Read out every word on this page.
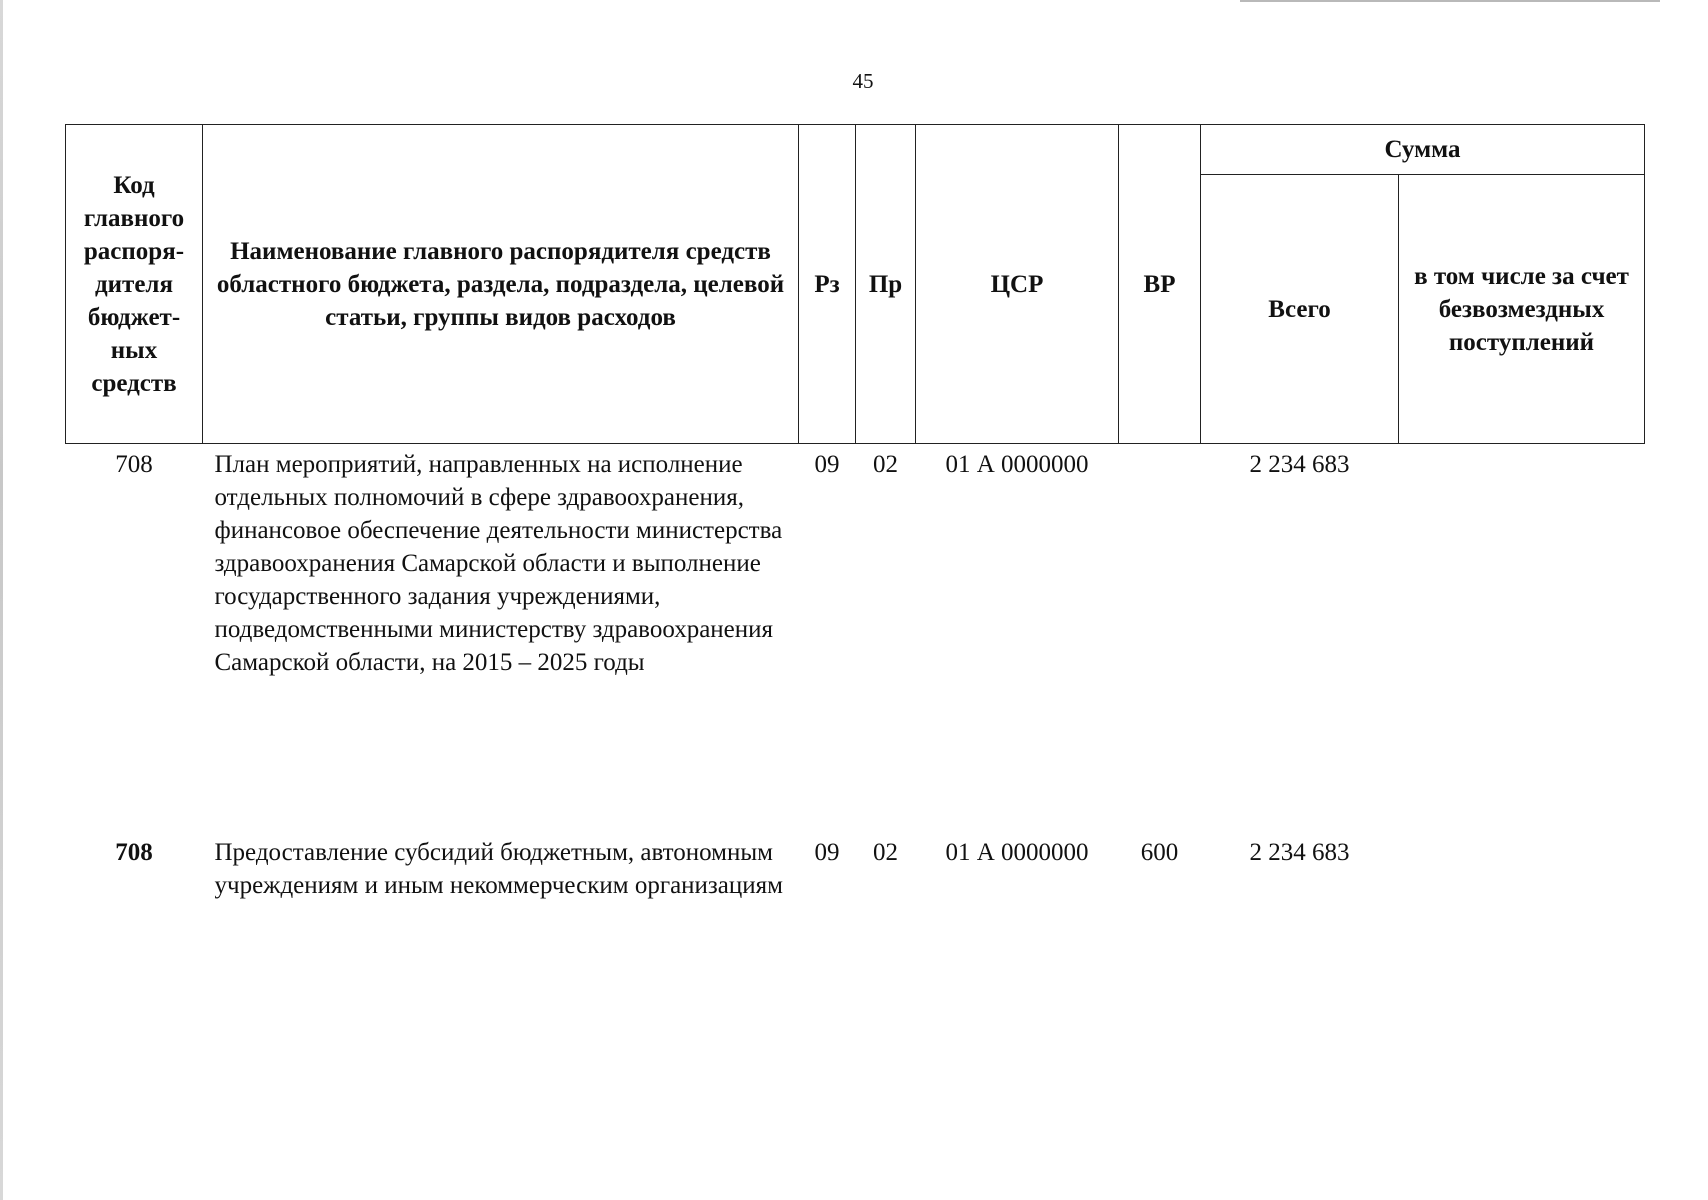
45
Код главного распоря- дителя бюджет- ных средств	Наименование главного распорядителя средств областного бюджета, раздела, подраздела, целевой статьи, группы видов расходов	Рз	Пр	ЦСР	ВР	Сумма	
						Всего	в том числе за счет безвозмездных поступлений
708	План мероприятий, направленных на исполнение отдельных полномочий в сфере здравоохранения, финансовое обеспечение деятельности министерства здравоохранения Самарской области и выполнение государственного задания учреждениями, подведомственными министерству здравоохранения Самарской области, на 2015 – 2025 годы	09	02	01 А 0000000		2 234 683	
708	Предоставление субсидий бюджетным, автономным учреждениям и иным некоммерческим организациям	09	02	01 А 0000000	600	2 234 683	
